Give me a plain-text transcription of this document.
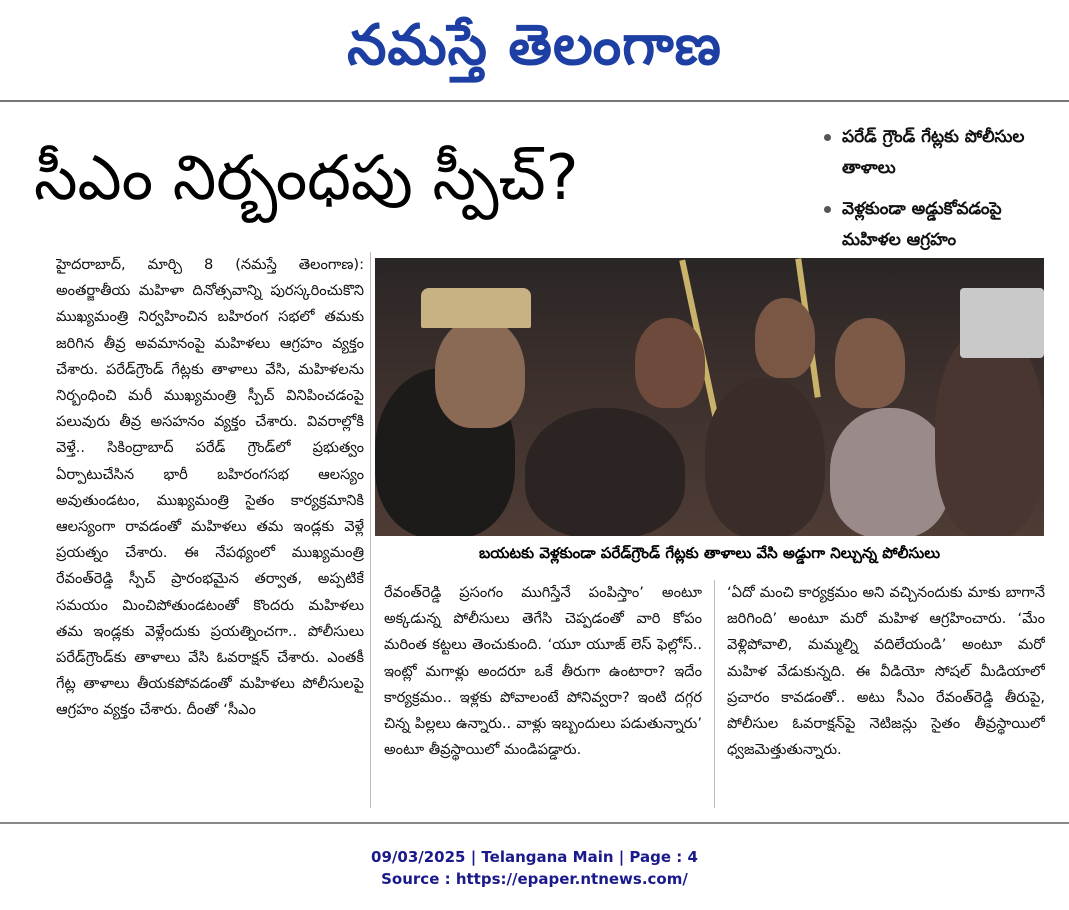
నమస్తే తెలంగాణ
సీఎం నిర్బంధపు స్పీచ్?
పరేడ్ గ్రౌండ్ గేట్లకు పోలీసుల తాళాలు
వెళ్లకుండా అడ్డుకోవడంపై మహిళల ఆగ్రహం
హైదరాబాద్, మార్చి 8 (నమస్తే తెలంగాణ): అంతర్జాతీయ మహిళా దినోత్సవాన్ని పురస్కరించుకొని ముఖ్యమంత్రి నిర్వహించిన బహిరంగ సభలో తమకు జరిగిన తీవ్ర అవమానంపై మహిళలు ఆగ్రహం వ్యక్తం చేశారు. పరేడ్‌గ్రౌండ్ గేట్లకు తాళాలు వేసి, మహిళలను నిర్బంధించి మరీ ముఖ్యమంత్రి స్పీచ్ వినిపించడంపై పలువురు తీవ్ర అసహనం వ్యక్తం చేశారు. వివరాల్లోకి వెళ్తే.. సికింద్రాబాద్ పరేడ్ గ్రౌండ్‌లో ప్రభుత్వం ఏర్పాటుచేసిన భారీ బహిరంగసభ ఆలస్యం అవుతుండటం, ముఖ్యమంత్రి సైతం కార్యక్రమానికి ఆలస్యంగా రావడంతో మహిళలు తమ ఇండ్లకు వెళ్లే ప్రయత్నం చేశారు. ఈ నేపథ్యంలో ముఖ్యమంత్రి రేవంత్‌రెడ్డి స్పీచ్ ప్రారంభమైన తర్వాత, అప్పటికే సమయం మించిపోతుండటంతో కొందరు మహిళలు తమ ఇండ్లకు వెళ్లేందుకు ప్రయత్నించగా.. పోలీసులు పరేడ్‌గ్రౌండ్‌కు తాళాలు వేసి ఓవరాక్షన్ చేశారు. ఎంతకీ గేట్ల తాళాలు తీయకపోవడంతో మహిళలు పోలీసులపై ఆగ్రహం వ్యక్తం చేశారు. దీంతో ‘సీఎం
బయటకు వెళ్లకుండా పరేడ్‌గ్రౌండ్ గేట్లకు తాళాలు వేసి అడ్డుగా నిల్చున్న పోలీసులు
రేవంత్‌రెడ్డి ప్రసంగం ముగిస్తేనే పంపిస్తాం’ అంటూ అక్కడున్న పోలీసులు తెగేసి చెప్పడంతో వారి కోపం మరింత కట్టలు తెంచుకుంది. ‘యూ యూజ్ లెస్ ఫెల్లోస్.. ఇంట్లో మగాళ్లు అందరూ ఒకే తీరుగా ఉంటారా? ఇదేం కార్యక్రమం.. ఇళ్లకు పోవాలంటే పోనివ్వరా? ఇంటి దగ్గర చిన్న పిల్లలు ఉన్నారు.. వాళ్లు ఇబ్బందులు పడుతున్నారు’ అంటూ తీవ్రస్థాయిలో మండిపడ్డారు.
‘ఏదో మంచి కార్యక్రమం అని వచ్చినందుకు మాకు బాగానే జరిగింది’ అంటూ మరో మహిళ ఆగ్రహించారు. ‘మేం వెళ్లిపోవాలి, మమ్మల్ని వదిలేయండి’ అంటూ మరో మహిళ వేడుకున్నది. ఈ వీడియో సోషల్ మీడియాలో ప్రచారం కావడంతో.. అటు సీఎం రేవంత్‌రెడ్డి తీరుపై, పోలీసుల ఓవరాక్షన్‌పై నెటిజన్లు సైతం తీవ్రస్థాయిలో ధ్వజమెత్తుతున్నారు.
09/03/2025 | Telangana Main | Page : 4
Source : https://epaper.ntnews.com/
